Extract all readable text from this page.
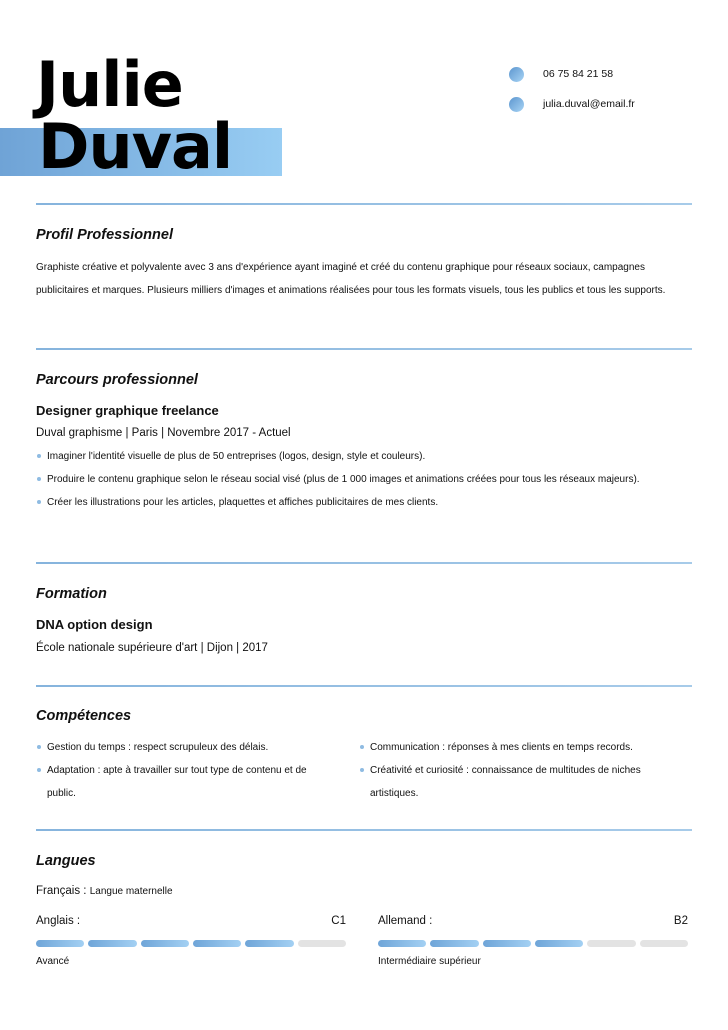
Julie
Duval
06 75 84 21 58
julia.duval@email.fr
Profil Professionnel
Graphiste créative et polyvalente avec 3 ans d'expérience ayant imaginé et créé du contenu graphique pour réseaux sociaux, campagnes publicitaires et marques. Plusieurs milliers d'images et animations réalisées pour tous les formats visuels, tous les publics et tous les supports.
Parcours professionnel
Designer graphique freelance
Duval graphisme | Paris | Novembre 2017 - Actuel
Imaginer l'identité visuelle de plus de 50 entreprises (logos, design, style et couleurs).
Produire le contenu graphique selon le réseau social visé (plus de 1 000 images et animations créées pour tous les réseaux majeurs).
Créer les illustrations pour les articles, plaquettes et affiches publicitaires de mes clients.
Formation
DNA option design
École nationale supérieure d'art | Dijon | 2017
Compétences
Gestion du temps : respect scrupuleux des délais.
Adaptation : apte à travailler sur tout type de contenu et de public.
Communication : réponses à mes clients en temps records.
Créativité et curiosité : connaissance de multitudes de niches artistiques.
Langues
Français : Langue maternelle
Anglais :	C1
Avancé
Allemand :	B2
Intermédiaire supérieur
